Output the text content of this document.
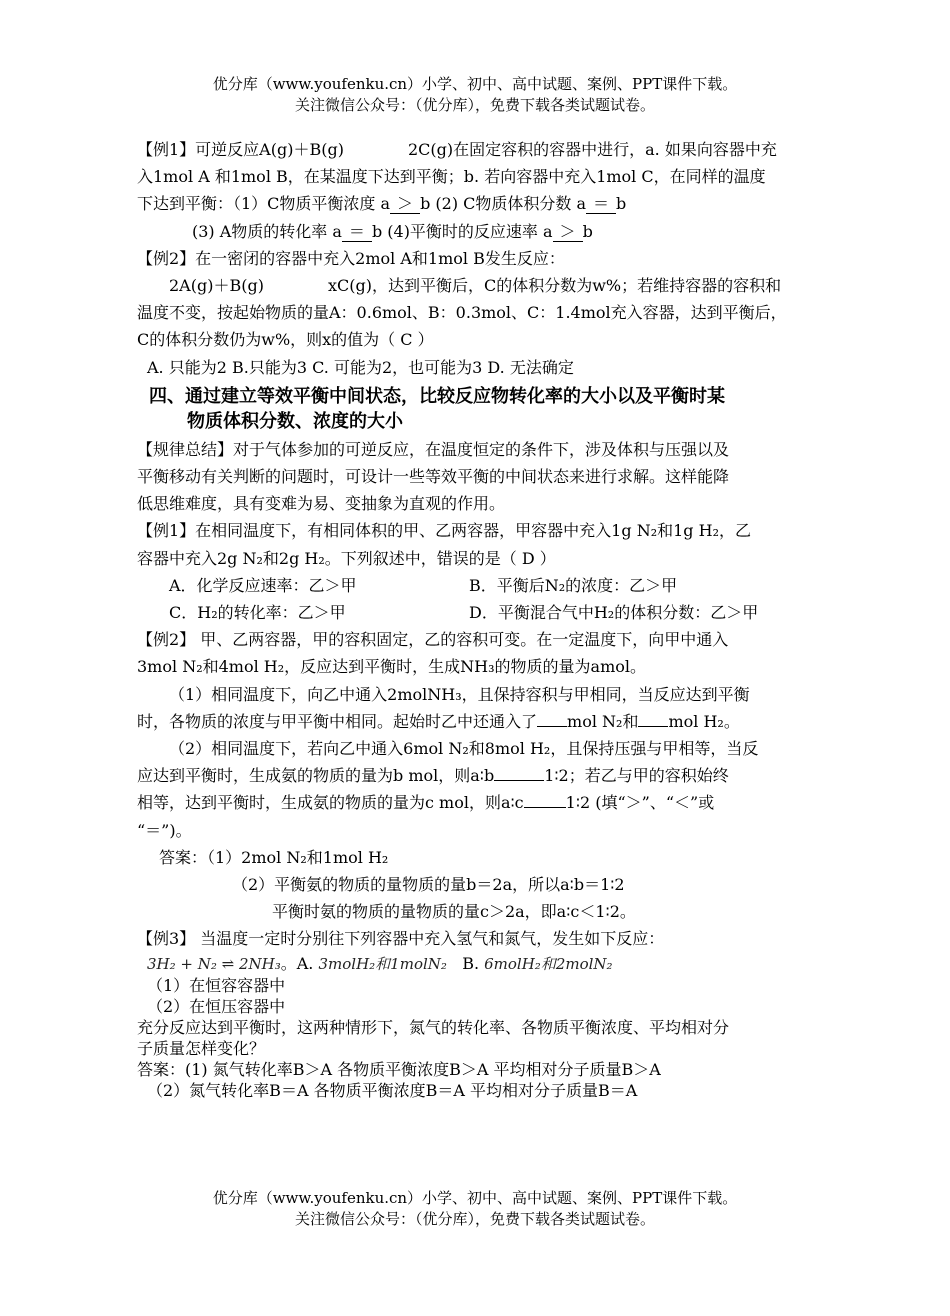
优分库（www.youfenku.cn）小学、初中、高中试题、案例、PPT课件下载。
关注微信公众号：（优分库），免费下载各类试题试卷。

【例1】可逆反应A(g)＋B(g)	2C(g)在固定容积的容器中进行，a. 如果向容器中充

入1mol A 和1mol B，在某温度下达到平衡；b. 若向容器中充入1mol C，在同样的温度

下达到平衡：（1）C物质平衡浓度 a ＞ b (2) C物质体积分数 a ＝ b

(3) A物质的转化率 a ＝ b (4)平衡时的反应速率 a ＞ b

【例2】在一密闭的容器中充入2mol A和1mol B发生反应：

2A(g)＋B(g)	xC(g)，达到平衡后，C的体积分数为w%；若维持容器的容积和

温度不变，按起始物质的量A：0.6mol、B：0.3mol、C：1.4mol充入容器，达到平衡后，

C的体积分数仍为w%，则x的值为（ C ）

A. 只能为2 B.只能为3 C. 可能为2，也可能为3 D. 无法确定

四、通过建立等效平衡中间状态，比较反应物转化率的大小以及平衡时某
物质体积分数、浓度的大小

【规律总结】对于气体参加的可逆反应，在温度恒定的条件下，涉及体积与压强以及

平衡移动有关判断的问题时，可设计一些等效平衡的中间状态来进行求解。这样能降

低思维难度，具有变难为易、变抽象为直观的作用。

【例1】在相同温度下，有相同体积的甲、乙两容器，甲容器中充入1g N₂和1g H₂，乙

容器中充入2g N₂和2g H₂。下列叙述中，错误的是（ D ）

A．化学反应速率：乙＞甲	B．平衡后N₂的浓度：乙＞甲

C．H₂的转化率：乙＞甲	D．平衡混合气中H₂的体积分数：乙＞甲

【例2】 甲、乙两容器，甲的容积固定，乙的容积可变。在一定温度下，向甲中通入

3mol N₂和4mol H₂，反应达到平衡时，生成NH₃的物质的量为amol。

（1）相同温度下，向乙中通入2molNH₃，且保持容积与甲相同，当反应达到平衡

时，各物质的浓度与甲平衡中相同。起始时乙中还通入了 mol N₂和 mol H₂。

（2）相同温度下，若向乙中通入6mol N₂和8mol H₂，且保持压强与甲相等，当反

应达到平衡时，生成氨的物质的量为b mol，则a∶b	1∶2；若乙与甲的容积始终

相等，达到平衡时，生成氨的物质的量为c mol，则a∶c	1∶2 (填“＞”、“＜”或

“＝”)。

答案：（1）2mol N₂和1mol H₂

（2）平衡氨的物质的量物质的量b＝2a，所以a∶b＝1∶2

平衡时氨的物质的量物质的量c＞2a，即a∶c＜1∶2。

【例3】 当温度一定时分别往下列容器中充入氢气和氮气，发生如下反应：

3H₂ + N₂ ⇌ 2NH₃。A. 3molH₂和1molN₂ B. 6molH₂和2molN₂

（1）在恒容容器中

（2）在恒压容器中

充分反应达到平衡时，这两种情形下，氮气的转化率、各物质平衡浓度、平均相对分

子质量怎样变化？

答案：(1) 氮气转化率B＞A 各物质平衡浓度B＞A 平均相对分子质量B＞A

（2）氮气转化率B＝A 各物质平衡浓度B＝A 平均相对分子质量B＝A

优分库（www.youfenku.cn）小学、初中、高中试题、案例、PPT课件下载。
关注微信公众号：（优分库），免费下载各类试题试卷。
